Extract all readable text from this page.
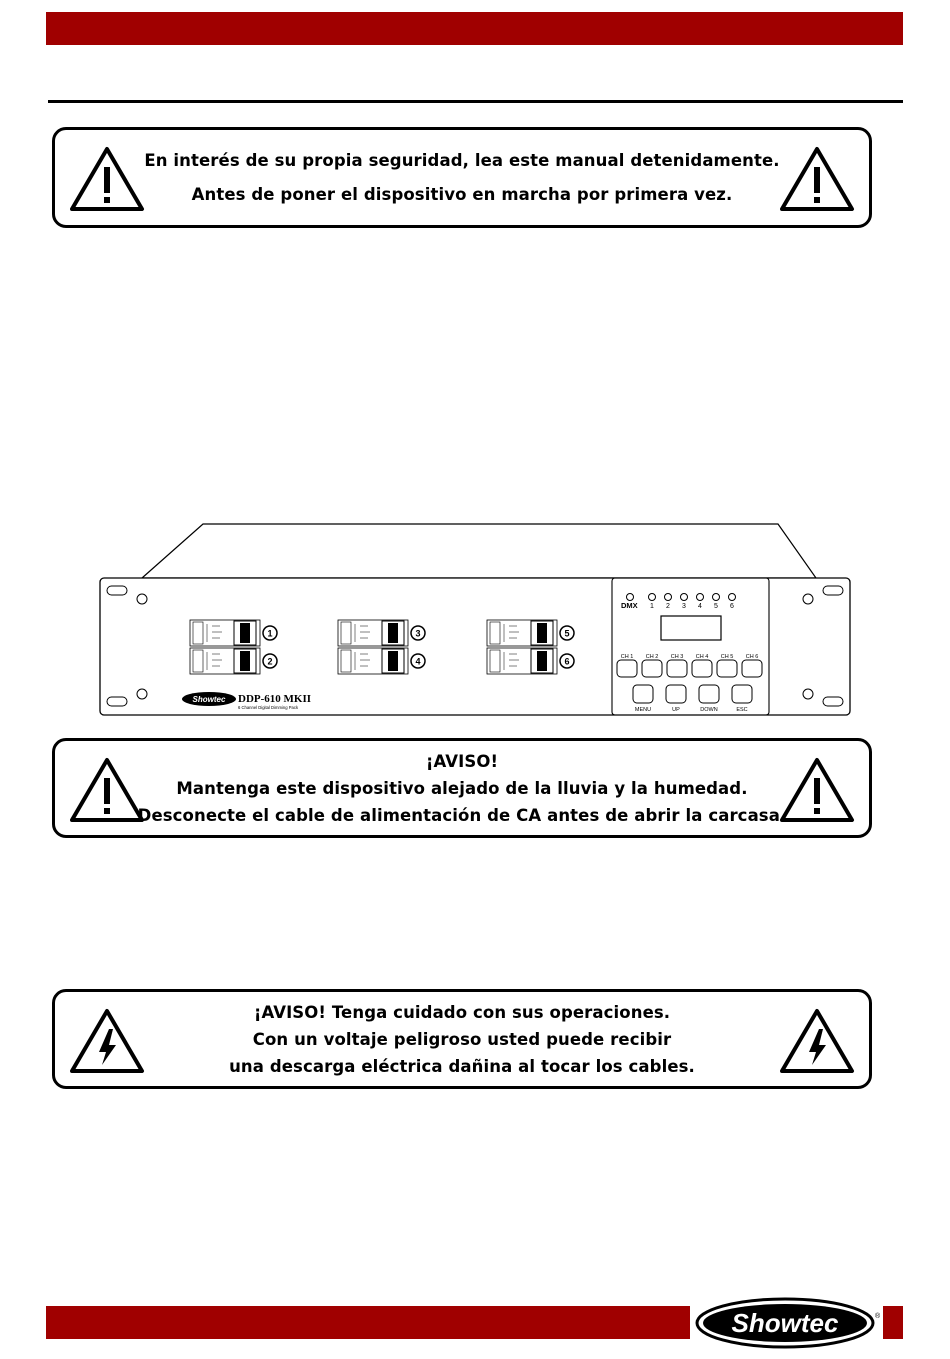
En interés de su propia seguridad, lea este manual detenidamente.
Antes de poner el dispositivo en marcha por primera vez.
1
2
3
4
5
6
Showtec DDP-610 MKII
6 Channel Digital Dimming Pack
1 2 3 4 5 6
DMX
CH 1 CH 2 CH 3 CH 4 CH 5 CH 6
MENU	UP	DOWN	ESC
¡AVISO!
Mantenga este dispositivo alejado de la lluvia y la humedad.
Desconecte el cable de alimentación de CA antes de abrir la carcasa.
¡AVISO! Tenga cuidado con sus operaciones.
Con un voltaje peligroso usted puede recibir
una descarga eléctrica dañina al tocar los cables.
Showtec	®
